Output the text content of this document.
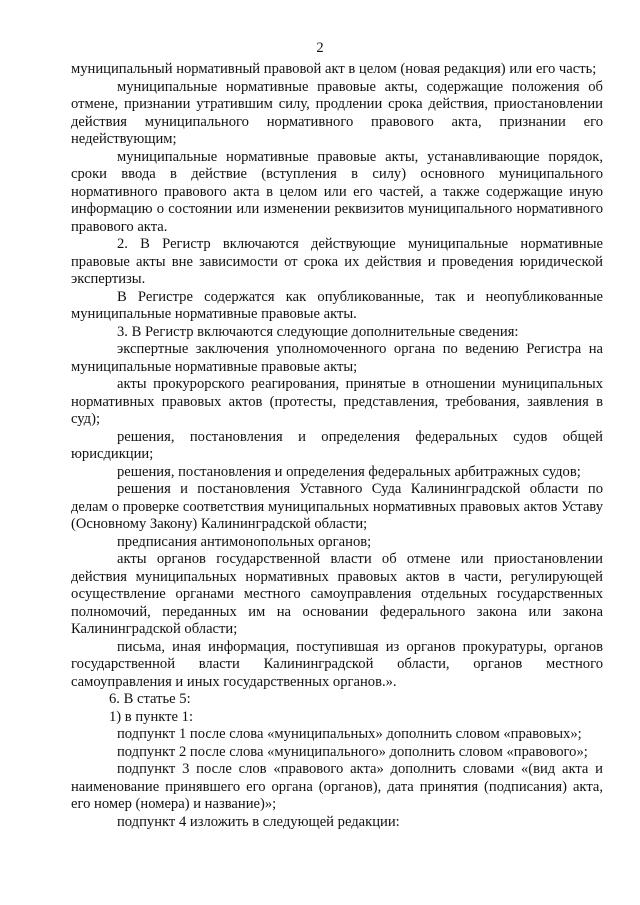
2

муниципальный нормативный правовой акт в целом (новая редакция) или его часть;

муниципальные нормативные правовые акты, содержащие положения об отмене, признании утратившим силу, продлении срока действия, приостановлении действия муниципального нормативного правового акта, признании его недействующим;

муниципальные нормативные правовые акты, устанавливающие порядок, сроки ввода в действие (вступления в силу) основного муниципального нормативного правового акта в целом или его частей, а также содержащие иную информацию о состоянии или изменении реквизитов муниципального нормативного правового акта.

2. В Регистр включаются действующие муниципальные нормативные правовые акты вне зависимости от срока их действия и проведения юридической экспертизы.

В Регистре содержатся как опубликованные, так и неопубликованные муниципальные нормативные правовые акты.

3. В Регистр включаются следующие дополнительные сведения:

экспертные заключения уполномоченного органа по ведению Регистра на муниципальные нормативные правовые акты;

акты прокурорского реагирования, принятые в отношении муниципальных нормативных правовых актов (протесты, представления, требования, заявления в суд);

решения, постановления и определения федеральных судов общей юрисдикции;

решения, постановления и определения федеральных арбитражных судов;

решения и постановления Уставного Суда Калининградской области по делам о проверке соответствия муниципальных нормативных правовых актов Уставу (Основному Закону) Калининградской области;

предписания антимонопольных органов;

акты органов государственной власти об отмене или приостановлении действия муниципальных нормативных правовых актов в части, регулирующей осуществление органами местного самоуправления отдельных государственных полномочий, переданных им на основании федерального закона или закона Калининградской области;

письма, иная информация, поступившая из органов прокуратуры, органов государственной власти Калининградской области, органов местного самоуправления и иных государственных органов.».

6. В статье 5:

1) в пункте 1:

подпункт 1 после слова «муниципальных» дополнить словом «правовых»;

подпункт 2 после слова «муниципального» дополнить словом «правового»;

подпункт 3 после слов «правового акта» дополнить словами «(вид акта и наименование принявшего его органа (органов), дата принятия (подписания) акта, его номер (номера) и название)»;

подпункт 4 изложить в следующей редакции:
